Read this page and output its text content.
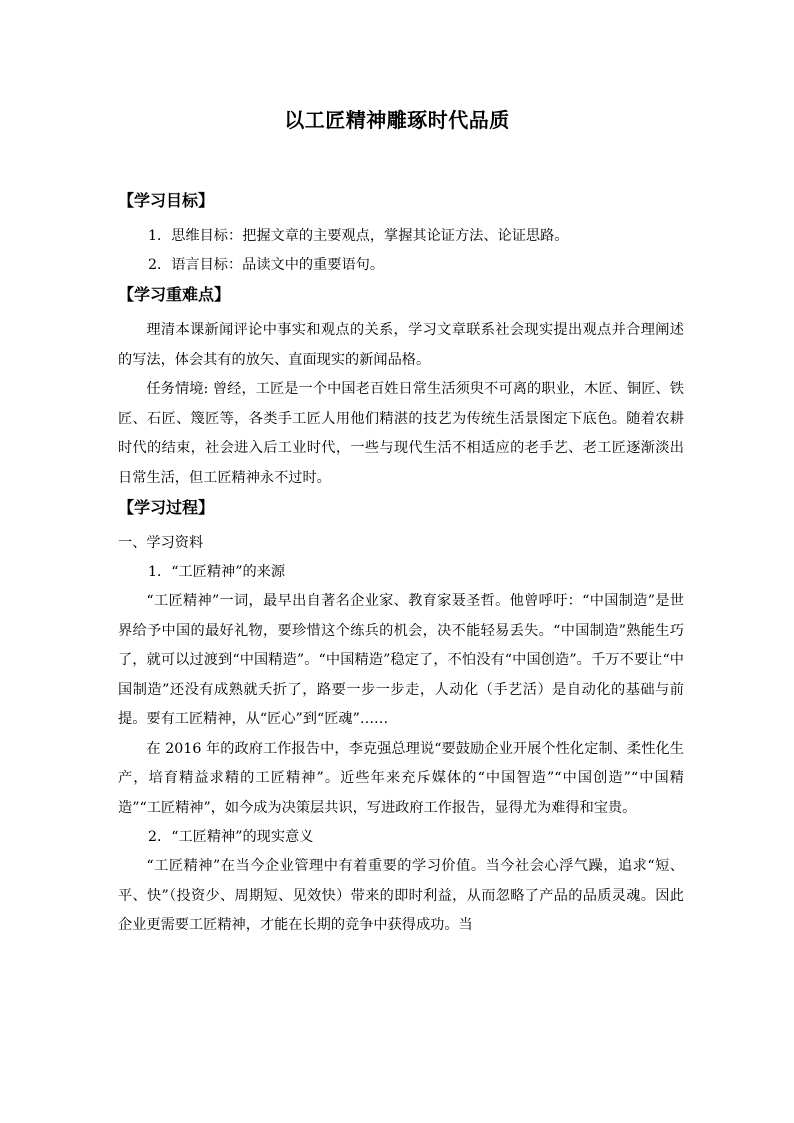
以工匠精神雕琢时代品质

【学习目标】

1．思维目标：把握文章的主要观点，掌握其论证方法、论证思路。

2．语言目标：品读文中的重要语句。

【学习重难点】

理清本课新闻评论中事实和观点的关系，学习文章联系社会现实提出观点并合理阐述的写法，体会其有的放矢、直面现实的新闻品格。

任务情境: 曾经，工匠是一个中国老百姓日常生活须臾不可离的职业，木匠、铜匠、铁匠、石匠、篾匠等，各类手工匠人用他们精湛的技艺为传统生活景图定下底色。随着农耕时代的结束，社会进入后工业时代，一些与现代生活不相适应的老手艺、老工匠逐渐淡出日常生活，但工匠精神永不过时。

【学习过程】

一、学习资料

1．“工匠精神”的来源

“工匠精神”一词，最早出自著名企业家、教育家聂圣哲。他曾呼吁：“中国制造”是世界给予中国的最好礼物，要珍惜这个练兵的机会，决不能轻易丢失。“中国制造”熟能生巧了，就可以过渡到“中国精造”。“中国精造”稳定了，不怕没有“中国创造”。千万不要让“中国制造”还没有成熟就夭折了，路要一步一步走，人动化（手艺活）是自动化的基础与前提。要有工匠精神，从“匠心”到“匠魂”……

在 2016 年的政府工作报告中，李克强总理说“要鼓励企业开展个性化定制、柔性化生产，培育精益求精的工匠精神”。近些年来充斥媒体的“中国智造”“中国创造”“中国精造”“工匠精神”，如今成为决策层共识，写进政府工作报告，显得尤为难得和宝贵。

2．“工匠精神”的现实意义

“工匠精神”在当今企业管理中有着重要的学习价值。当今社会心浮气躁，追求“短、平、快”（投资少、周期短、见效快）带来的即时利益，从而忽略了产品的品质灵魂。因此企业更需要工匠精神，才能在长期的竞争中获得成功。当
